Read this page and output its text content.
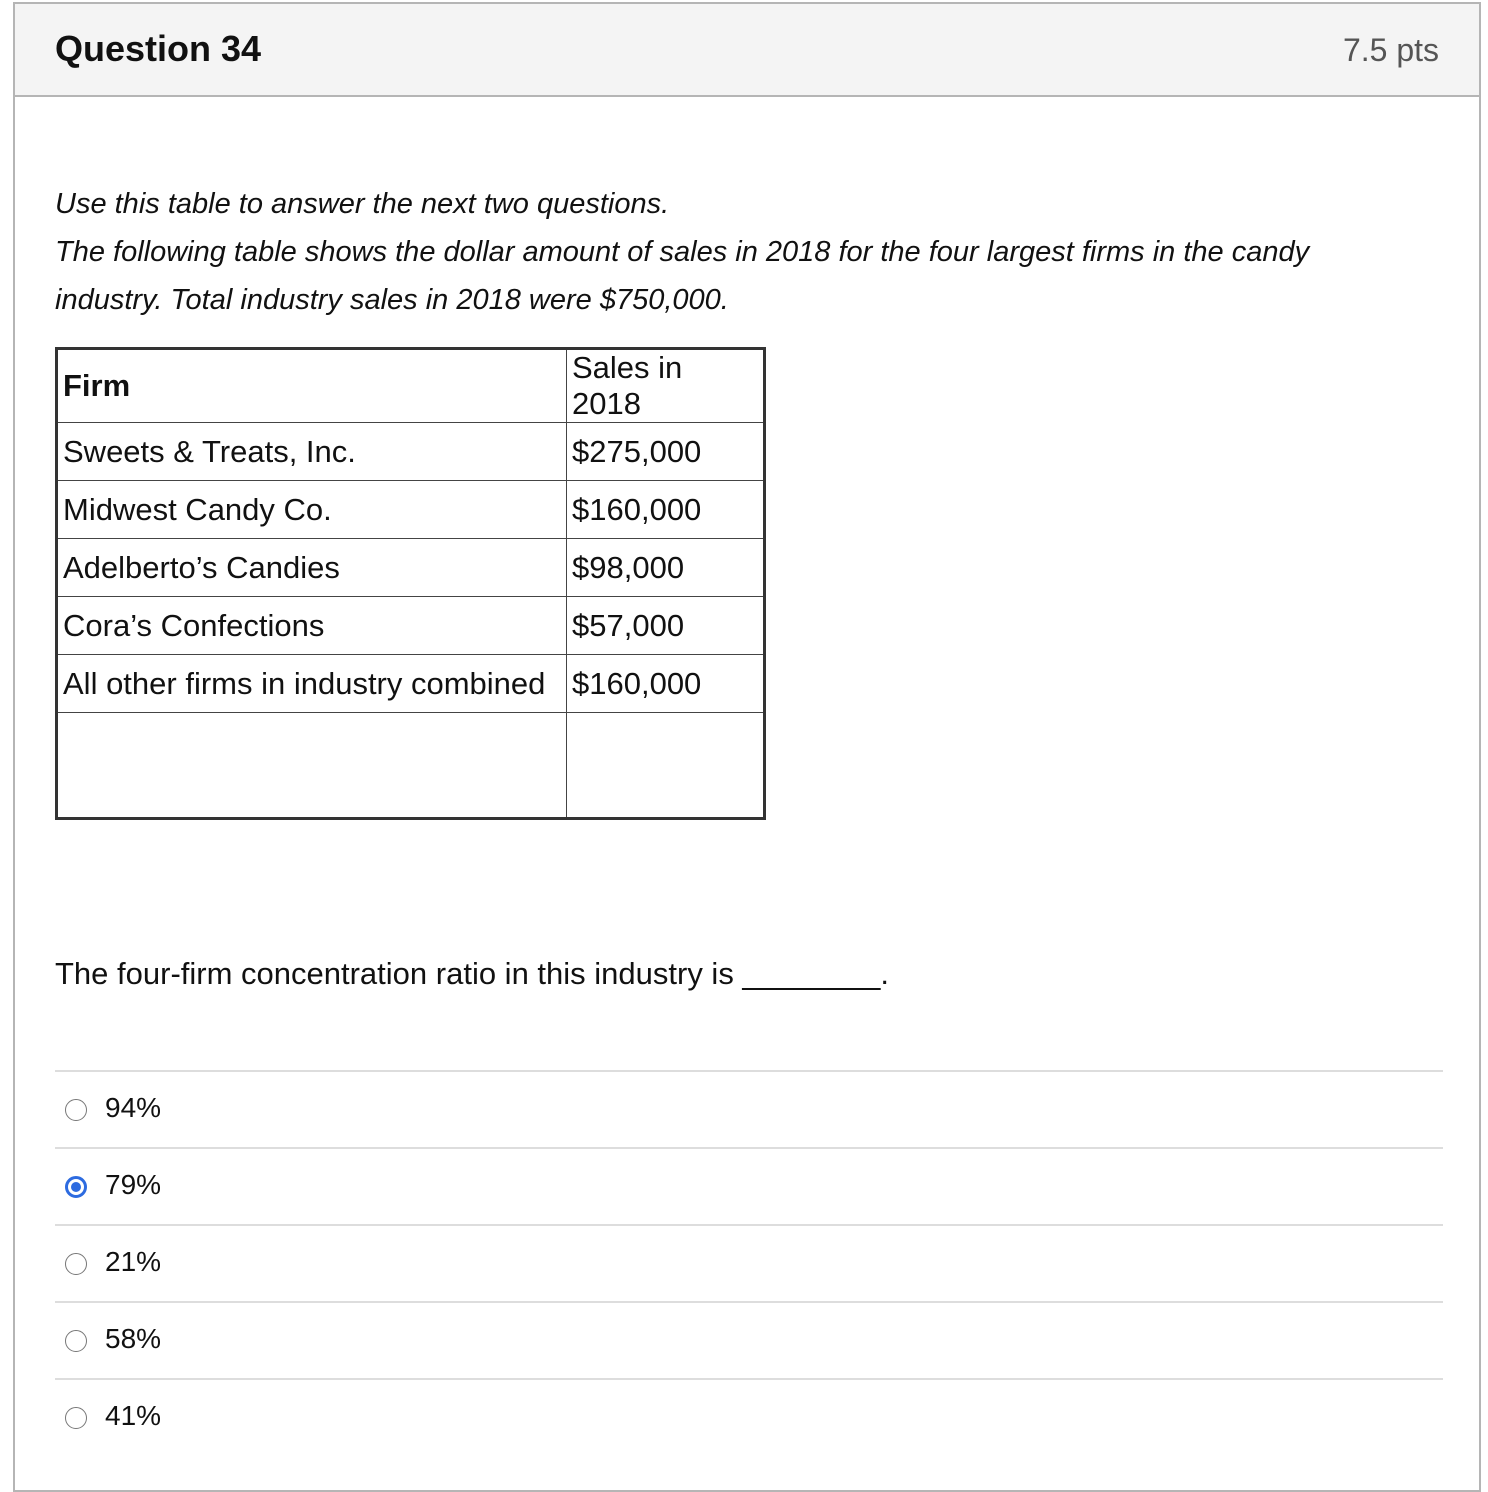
Question 34	7.5 pts
Use this table to answer the next two questions.
The following table shows the dollar amount of sales in 2018 for the four largest firms in the candy industry. Total industry sales in 2018 were $750,000.
Firm	Sales in 2018
Sweets & Treats, Inc.	$275,000
Midwest Candy Co.	$160,000
Adelberto’s Candies	$98,000
Cora’s Confections	$57,000
All other firms in industry combined	$160,000

The four-firm concentration ratio in this industry is ________.
94%
79%
21%
58%
41%
